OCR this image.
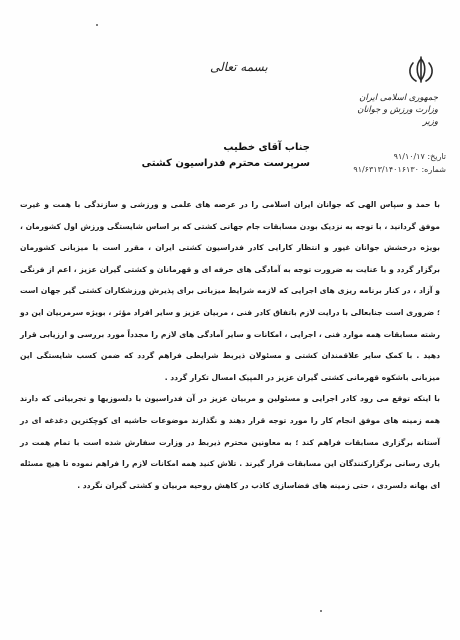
بسمه تعالی
جمهوری اسلامی ایران
وزارت ورزش و جوانان
وزیر
تاریخ: ۹۱/۱۰/۱۷
شماره: ۹۱/۶۳۱۳/۱۴۰۱۶۱۳۰
جناب آقای خطیب
سرپرست محترم فدراسیون کشتی

با حمد و سپاس الهی که جوانان ایران اسلامی را در عرصه های علمی و ورزشی و سازندگی با همت و غیرت موفق گردانید ، با توجه به نزدیک بودن مسابقات جام جهانی کشتی که بر اساس شایستگی ورزش اول کشورمان ، بویژه درخشش جوانان غیور و انتظار کارایی کادر فدراسیون کشتی ایران ، مقرر است با میزبانی کشورمان برگزار گردد و با عنایت به ضرورت توجه به آمادگی های حرفه ای و قهرمانان و کشتی گیران عزیز ، اعم از فرنگی و آزاد ، در کنار برنامه ریزی های اجرایی که لازمه شرایط میزبانی برای پذیرش ورزشکاران کشتی گیر جهان است ؛ ضروری است جنابعالی با درایت لازم باتفاق کادر فنی ، مربیان عزیز و سایر افراد مؤثر ، بویژه سرمربیان این دو رشته مسابقات همه موارد فنی ، اجرایی ، امکانات و سایر آمادگی های لازم را مجدداً مورد بررسی و ارزیابی قرار دهید . با کمک سایر علاقمندان کشتی و مسئولان ذیربط شرایطی فراهم گردد که ضمن کسب شایستگی این میزبانی باشکوه قهرمانی کشتی گیران عزیز در المپیک امسال تکرار گردد .

با اینکه توقع می رود کادر اجرایی و مسئولین و مربیان عزیز در آن فدراسیون با دلسوزیها و تجربیاتی که دارند همه زمینه های موفق انجام کار را مورد توجه قرار دهند و نگذارند موضوعات حاشیه ای کوچکترین دغدغه ای در آستانه برگزاری مسابقات فراهم کند ؛ به معاونین محترم ذیربط در وزارت سفارش شده است با تمام همت در یاری رسانی برگزارکنندگان این مسابقات قرار گیرند . تلاش کنید همه امکانات لازم را فراهم نموده تا هیچ مسئله ای بهانه دلسردی ، حتی زمینه های فضاسازی کاذب در کاهش روحیه مربیان و کشتی گیران نگردد .
